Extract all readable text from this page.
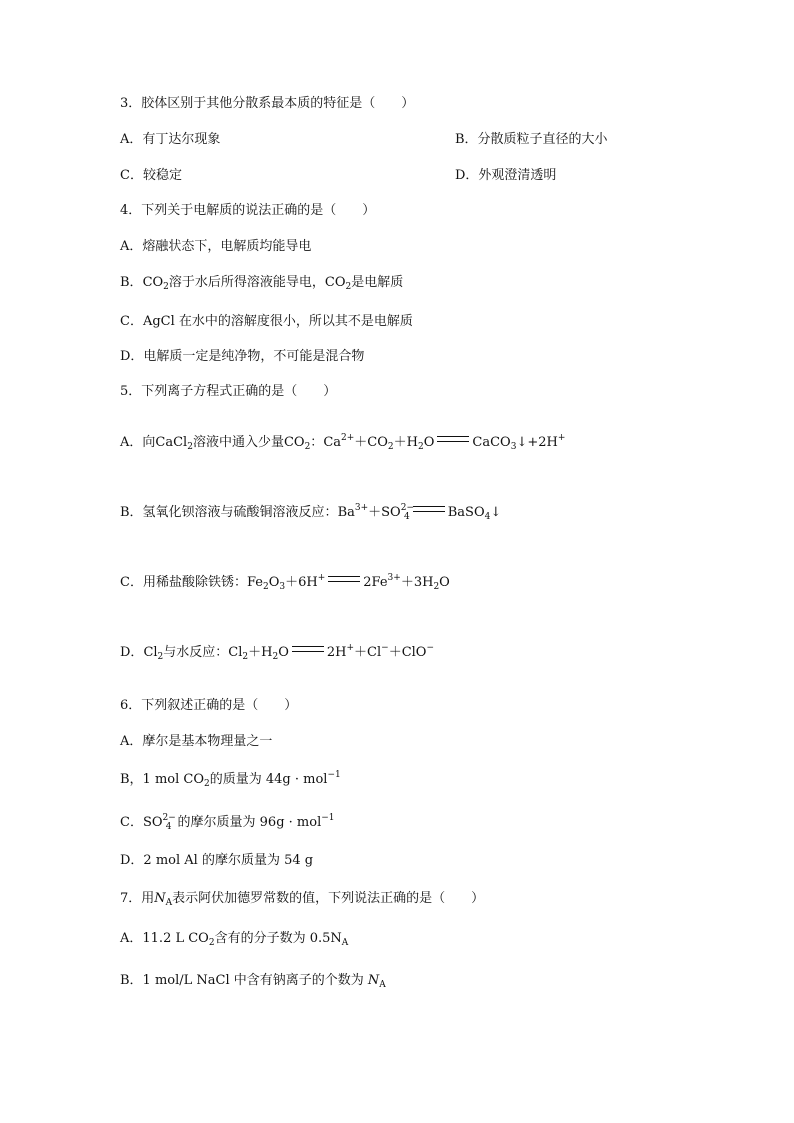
3．胶体区别于其他分散系最本质的特征是（　　）
A．有丁达尔现象	B．分散质粒子直径的大小
C．较稳定	D．外观澄清透明
4．下列关于电解质的说法正确的是（　　）
A．熔融状态下，电解质均能导电
B．$CO_2$溶于水后所得溶液能导电，$CO_2$是电解质
C．AgCl 在水中的溶解度很小，所以其不是电解质
D．电解质一定是纯净物，不可能是混合物
5．下列离子方程式正确的是（　　）
A．向CaCl$_2$溶液中通入少量$CO_2$：$Ca^{2+}+CO_2+H_2O$	CaCO$_3$↓+2H+
B．氢氧化钡溶液与硫酸铜溶液反应：$Ba^{3+}+SO^{2-}_4$	BaSO$_4$↓
C．用稀盐酸除铁锈：$Fe_2O_3+6H^+$	$2Fe^{3+}+3H_2O$
D．$Cl_2$与水反应：$Cl_2+H_2O$	2H+＋Cl−＋ClO−
6．下列叙述正确的是（　　）
A．摩尔是基本物理量之一
B，1 mol $CO_2$的质量为 44g · mol$^{-1}$
C．$SO^{2-}_4$ 的摩尔质量为 96g · mol$^{-1}$
D．2 mol Al 的摩尔质量为 54 g
7．用$N_A$表示阿伏加德罗常数的值，下列说法正确的是（　　）
A．11.2 L $CO_2$含有的分子数为 $0.5N_A$
B．1 mol/L NaCl 中含有钠离子的个数为 $N_A$
